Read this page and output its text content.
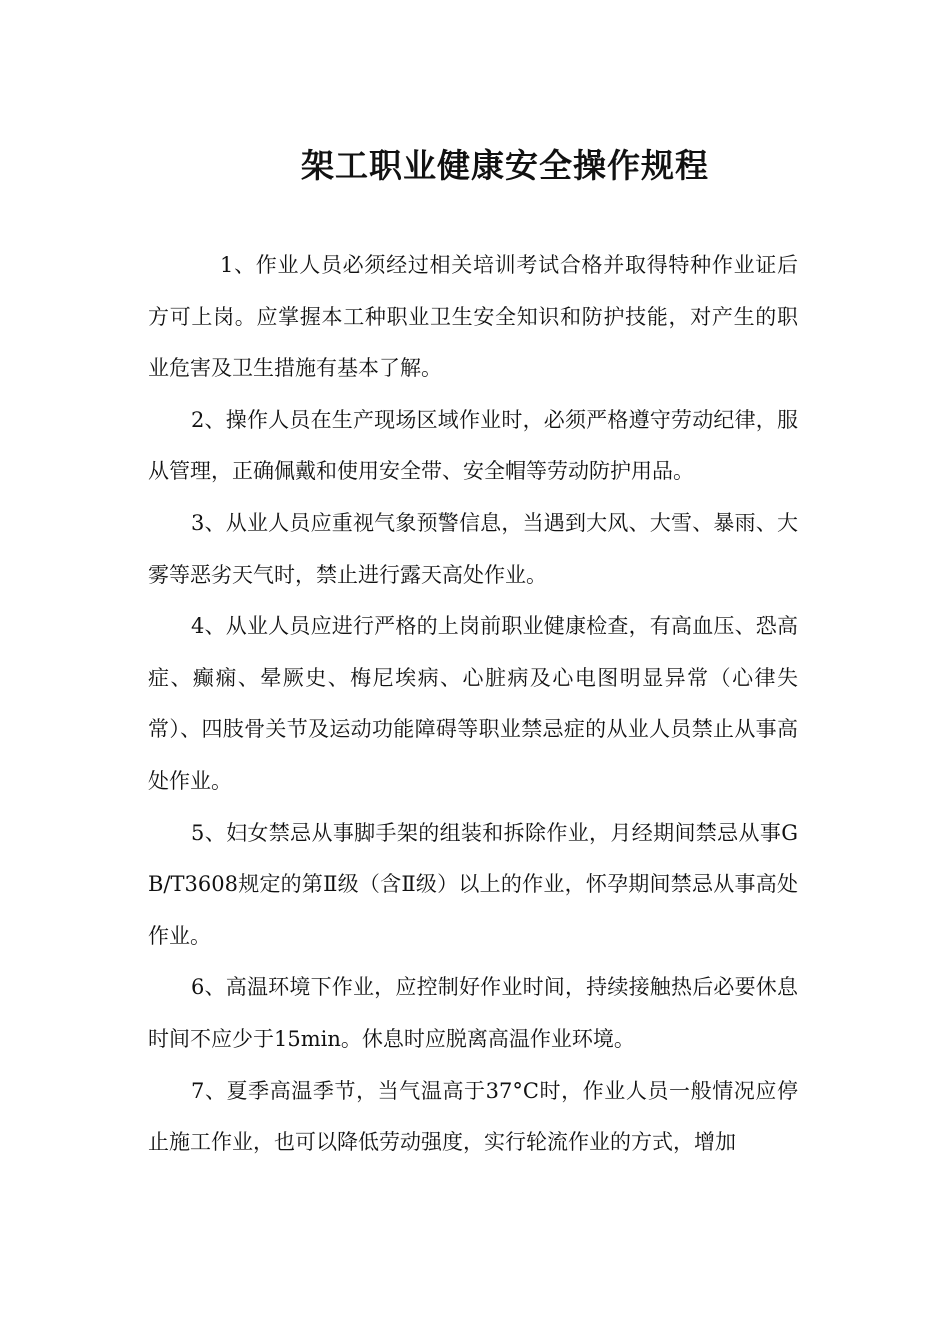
架工职业健康安全操作规程

1、作业人员必须经过相关培训考试合格并取得特种作业证后方可上岗。应掌握本工种职业卫生安全知识和防护技能，对产生的职业危害及卫生措施有基本了解。

2、操作人员在生产现场区域作业时，必须严格遵守劳动纪律，服从管理，正确佩戴和使用安全带、安全帽等劳动防护用品。

3、从业人员应重视气象预警信息，当遇到大风、大雪、暴雨、大雾等恶劣天气时，禁止进行露天高处作业。

4、从业人员应进行严格的上岗前职业健康检查，有高血压、恐高症、癫痫、晕厥史、梅尼埃病、心脏病及心电图明显异常（心律失常）、四肢骨关节及运动功能障碍等职业禁忌症的从业人员禁止从事高处作业。

5、妇女禁忌从事脚手架的组装和拆除作业，月经期间禁忌从事GB/T3608规定的第Ⅱ级（含Ⅱ级）以上的作业，怀孕期间禁忌从事高处作业。

6、高温环境下作业，应控制好作业时间，持续接触热后必要休息时间不应少于15min。休息时应脱离高温作业环境。

7、夏季高温季节，当气温高于37°C时，作业人员一般情况应停止施工作业，也可以降低劳动强度，实行轮流作业的方式，增加
